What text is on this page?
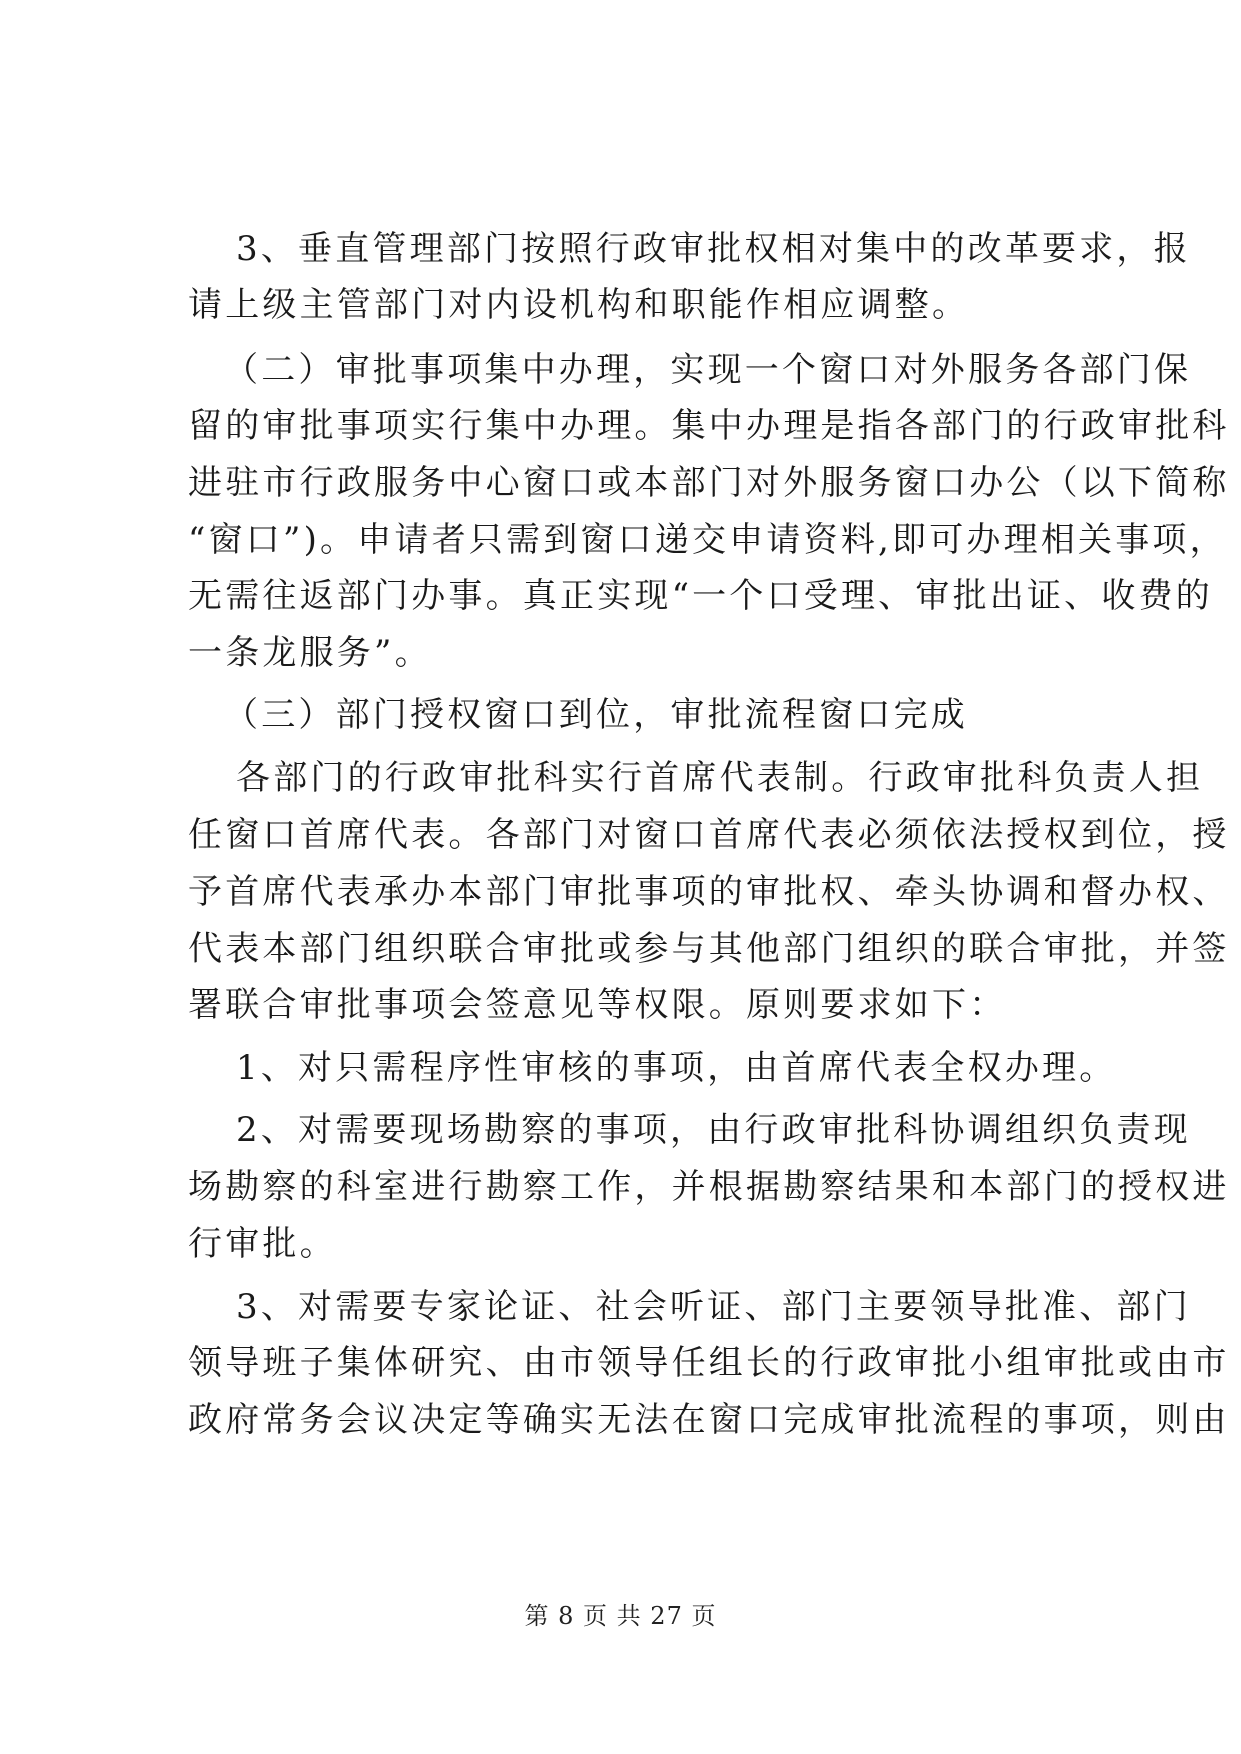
3、垂直管理部门按照行政审批权相对集中的改革要求，报
请上级主管部门对内设机构和职能作相应调整。
（二）审批事项集中办理，实现一个窗口对外服务各部门保
留的审批事项实行集中办理。集中办理是指各部门的行政审批科
进驻市行政服务中心窗口或本部门对外服务窗口办公（以下简称
“窗口”)。申请者只需到窗口递交申请资料,即可办理相关事项，
无需往返部门办事。真正实现“一个口受理、审批出证、收费的
一条龙服务”。
（三）部门授权窗口到位，审批流程窗口完成
各部门的行政审批科实行首席代表制。行政审批科负责人担
任窗口首席代表。各部门对窗口首席代表必须依法授权到位，授
予首席代表承办本部门审批事项的审批权、牵头协调和督办权、
代表本部门组织联合审批或参与其他部门组织的联合审批，并签
署联合审批事项会签意见等权限。原则要求如下：
1、对只需程序性审核的事项，由首席代表全权办理。
2、对需要现场勘察的事项，由行政审批科协调组织负责现
场勘察的科室进行勘察工作，并根据勘察结果和本部门的授权进
行审批。
3、对需要专家论证、社会听证、部门主要领导批准、部门
领导班子集体研究、由市领导任组长的行政审批小组审批或由市
政府常务会议决定等确实无法在窗口完成审批流程的事项，则由
第 8 页 共 27 页
